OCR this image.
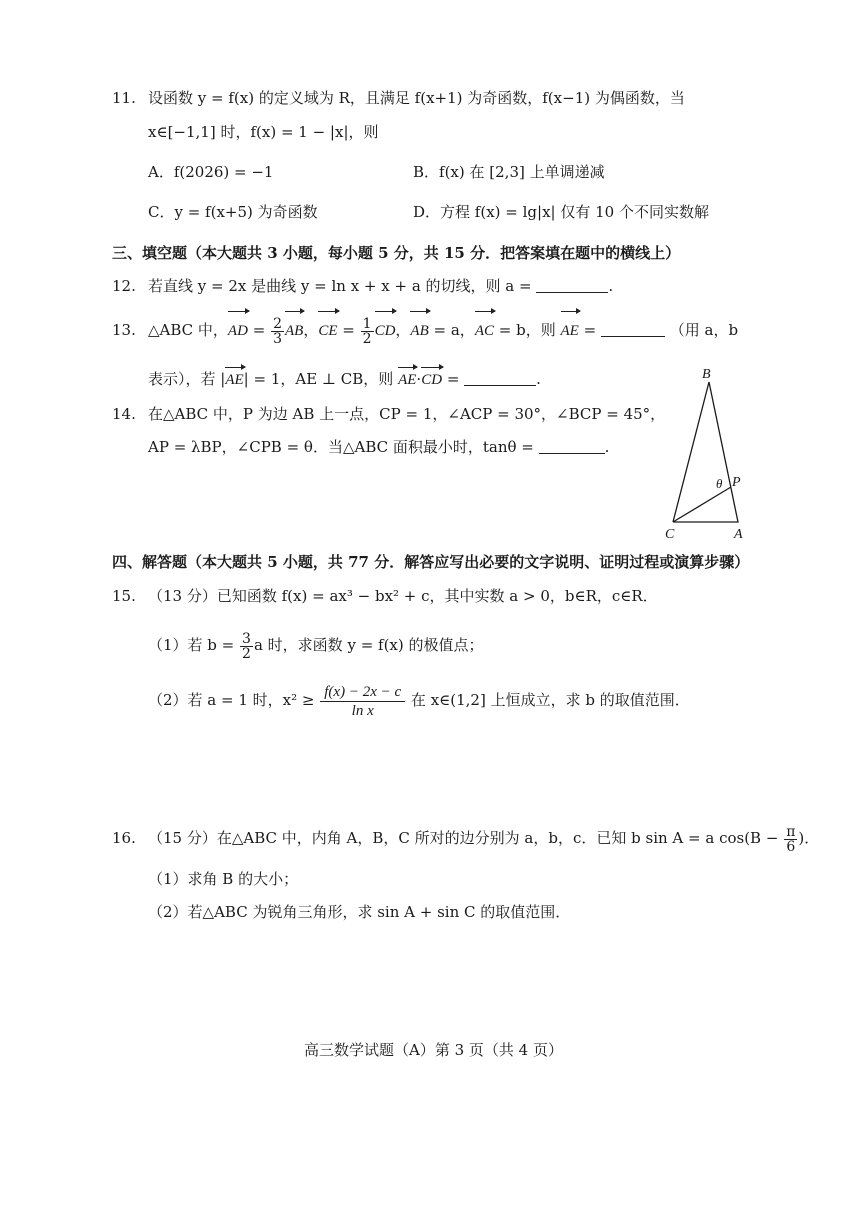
11. 设函数 y = f(x) 的定义域为 R，且满足 f(x+1) 为奇函数，f(x−1) 为偶函数，当
x∈[−1,1] 时，f(x) = 1 − |x|，则
A．f(2026) = −1	B．f(x) 在 [2,3] 上单调递减
C．y = f(x+5) 为奇函数	D．方程 f(x) = lg|x| 仅有 10 个不同实数解
三、填空题（本大题共 3 小题，每小题 5 分，共 15 分．把答案填在题中的横线上）
12. 若直线 y = 2x 是曲线 y = ln x + x + a 的切线，则 a =	.
13. △ABC 中，AD = $\frac{2}{3}$ AB，CE = $\frac{1}{2}$ CD，AB = a，AC = b，则 AE =	（用 a，b
表示），若 |AE| = 1，AE ⊥ CB，则 AE·CD =	.
14. 在△ABC 中，P 为边 AB 上一点，CP = 1，∠ACP = 30°，∠BCP = 45°，
AP = λBP，∠CPB = θ．当△ABC 面积最小时，tanθ =	.
B
P
θ
C	A
四、解答题（本大题共 5 小题，共 77 分．解答应写出必要的文字说明、证明过程或演算步骤）
15. （13 分）已知函数 f(x) = ax³ − bx² + c，其中实数 a > 0，b∈R，c∈R．
（1）若 $b = \frac{3}{2}$ a 时，求函数 y = f(x) 的极值点；
（2）若 a = 1 时，$x^2 \ge \frac{f(x) - 2x - c}{\text{ln x}}$ 在 x∈(1,2] 上恒成立，求 b 的取值范围．
16. （15 分）在△ABC 中，内角 A，B，C 所对的边分别为 a，b，c．已知 b sin A = a $\cos(B - \frac{\pi}{6}$ )．
（1）求角 B 的大小；
（2）若△ABC 为锐角三角形，求 sin A + sin C 的取值范围．
高三数学试题（A）第 3 页（共 4 页）
